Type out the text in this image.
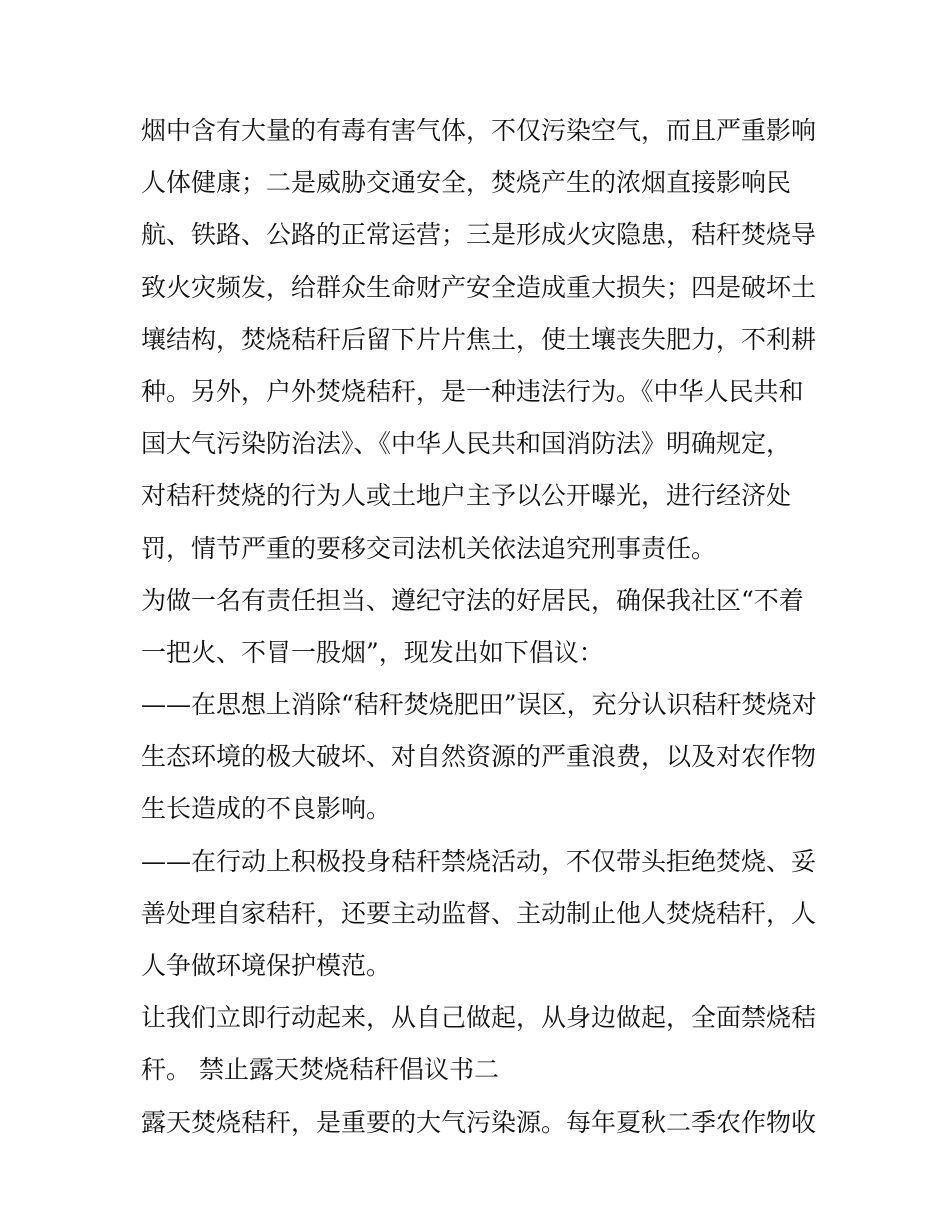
烟中含有大量的有毒有害气体，不仅污染空气，而且严重影响
人体健康；二是威胁交通安全，焚烧产生的浓烟直接影响民
航、铁路、公路的正常运营；三是形成火灾隐患，秸秆焚烧导
致火灾频发，给群众生命财产安全造成重大损失；四是破坏土
壤结构，焚烧秸秆后留下片片焦土，使土壤丧失肥力，不利耕
种。另外，户外焚烧秸秆，是一种违法行为。《中华人民共和
国大气污染防治法》、《中华人民共和国消防法》明确规定，
对秸秆焚烧的行为人或土地户主予以公开曝光，进行经济处
罚，情节严重的要移交司法机关依法追究刑事责任。
为做一名有责任担当、遵纪守法的好居民，确保我社区“不着
一把火、不冒一股烟”，现发出如下倡议：
——在思想上消除“秸秆焚烧肥田”误区，充分认识秸秆焚烧对
生态环境的极大破坏、对自然资源的严重浪费，以及对农作物
生长造成的不良影响。
——在行动上积极投身秸秆禁烧活动，不仅带头拒绝焚烧、妥
善处理自家秸秆，还要主动监督、主动制止他人焚烧秸秆，人
人争做环境保护模范。
让我们立即行动起来，从自己做起，从身边做起，全面禁烧秸
秆。 禁止露天焚烧秸秆倡议书二
露天焚烧秸秆，是重要的大气污染源。每年夏秋二季农作物收
